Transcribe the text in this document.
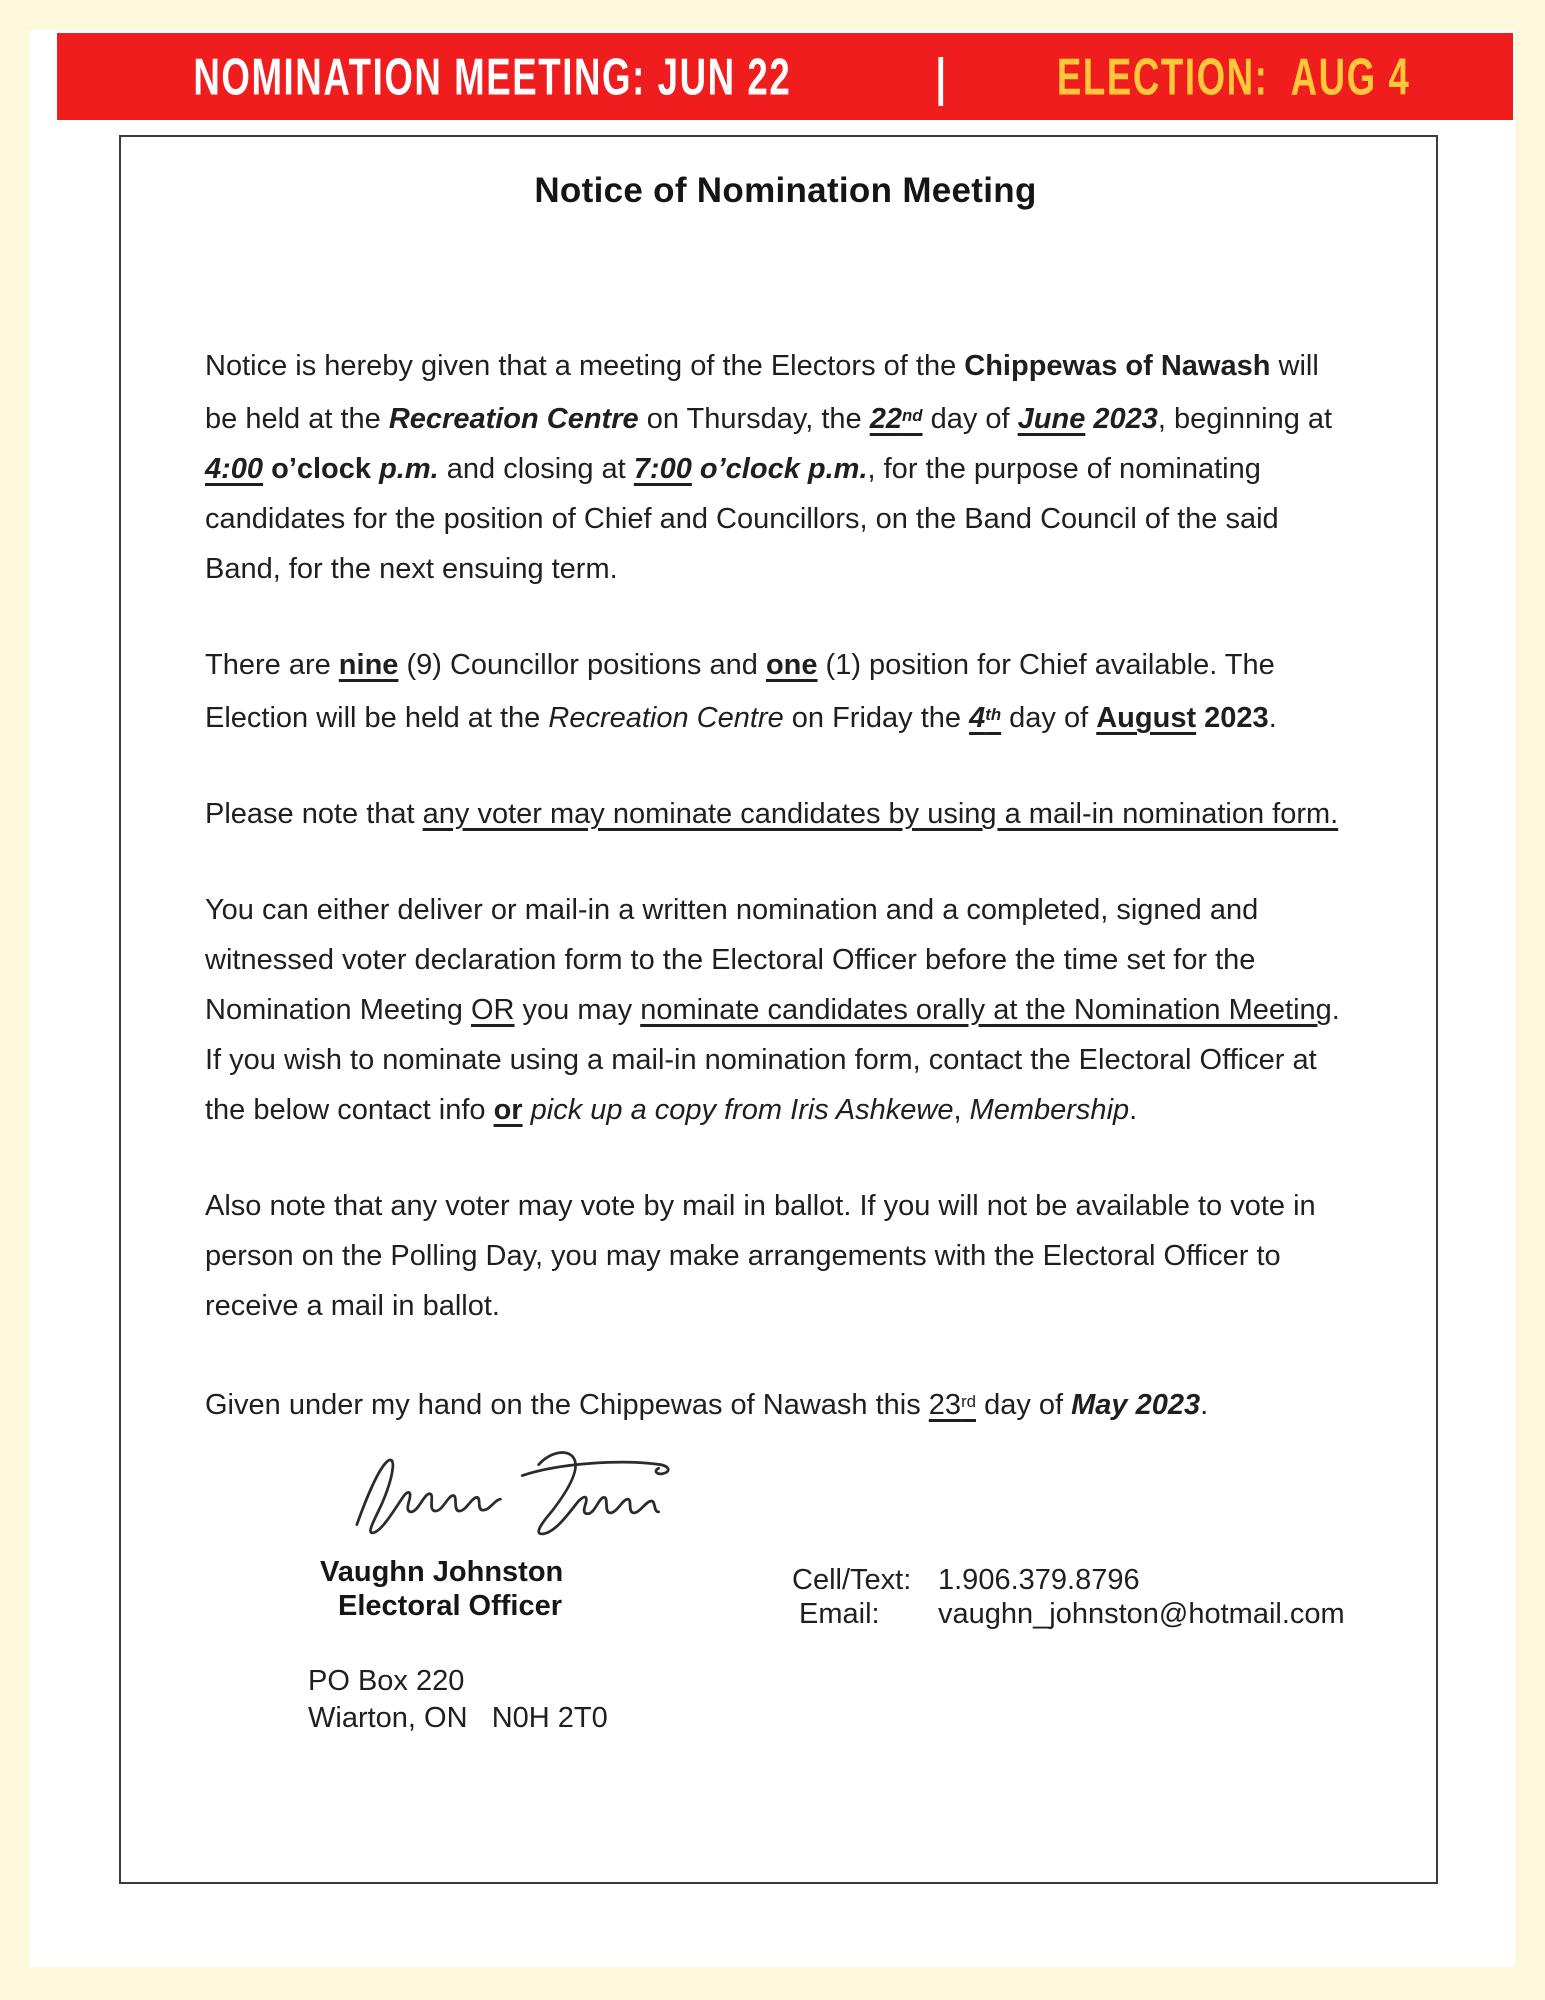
NOMINATION MEETING: JUN 22	| ELECTION:  AUG 4
Notice of Nomination Meeting
Notice is hereby given that a meeting of the Electors of the Chippewas of Nawash will be held at the Recreation Centre on Thursday, the 22nd day of June 2023, beginning at 4:00 o’clock p.m. and closing at 7:00 o’clock p.m., for the purpose of nominating candidates for the position of Chief and Councillors, on the Band Council of the said Band, for the next ensuing term.
There are nine (9) Councillor positions and one (1) position for Chief available. The Election will be held at the Recreation Centre on Friday the 4th day of August 2023.
Please note that any voter may nominate candidates by using a mail-in nomination form.
You can either deliver or mail-in a written nomination and a completed, signed and witnessed voter declaration form to the Electoral Officer before the time set for the Nomination Meeting OR you may nominate candidates orally at the Nomination Meeting. If you wish to nominate using a mail-in nomination form, contact the Electoral Officer at the below contact info or pick up a copy from Iris Ashkewe, Membership.
Also note that any voter may vote by mail in ballot. If you will not be available to vote in person on the Polling Day, you may make arrangements with the Electoral Officer to receive a mail in ballot.
Given under my hand on the Chippewas of Nawash this 23rd day of May 2023.
Vaughn Johnston
Electoral Officer
PO Box 220
Wiarton, ON   N0H 2T0
Cell/Text: 1.906.379.8796
Email:	vaughn_johnston@hotmail.com
